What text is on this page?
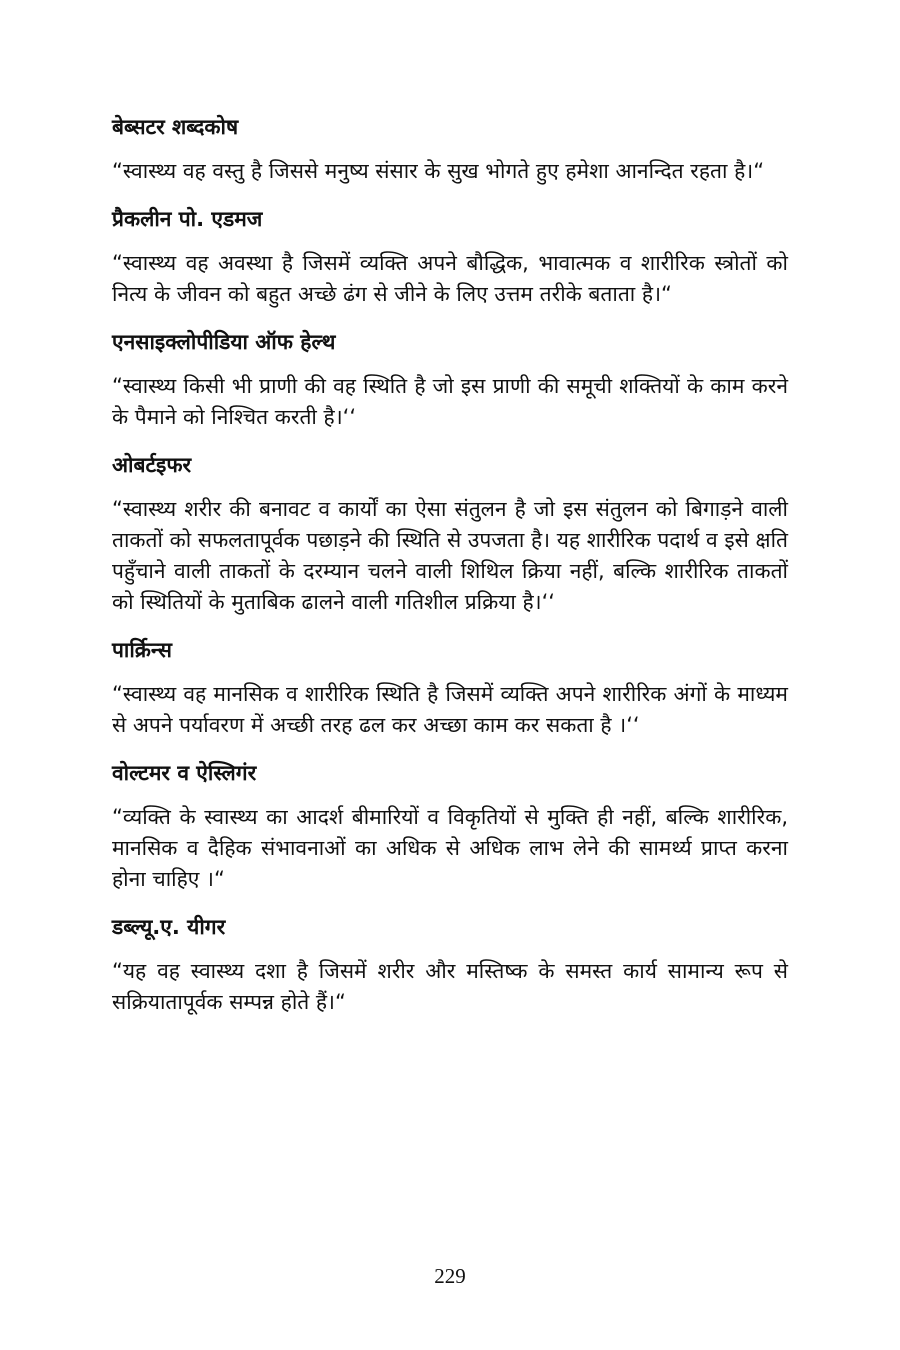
बेब्सटर शब्दकोष

“स्वास्थ्य वह वस्तु है जिससे मनुष्य संसार के सुख भोगते हुए हमेशा आनन्दित रहता है।“

प्रैकलीन पो. एडमज

“स्वास्थ्य वह अवस्था है जिसमें व्यक्ति अपने बौद्धिक, भावात्मक व शारीरिक स्त्रोतों को नित्य के जीवन को बहुत अच्छे ढंग से जीने के लिए उत्तम तरीके बताता है।“

एनसाइक्लोपीडिया ऑफ हेल्थ

“स्वास्थ्य किसी भी प्राणी की वह स्थिति है जो इस प्राणी की समूची शक्तियों के काम करने के पैमाने को निश्चित करती है।‘‘

ओबर्टइफर

“स्वास्थ्य शरीर की बनावट व कार्यों का ऐसा संतुलन है जो इस संतुलन को बिगाड़ने वाली ताकतों को सफलतापूर्वक पछाड़ने की स्थिति से उपजता है। यह शारीरिक पदार्थ व इसे क्षति पहुँचाने वाली ताकतों के दरम्यान चलने वाली शिथिल क्रिया नहीं, बल्कि शारीरिक ताकतों को स्थितियों के मुताबिक ढालने वाली गतिशील प्रक्रिया है।‘‘

पार्क्रिन्स

“स्वास्थ्य वह मानसिक व शारीरिक स्थिति है जिसमें व्यक्ति अपने शारीरिक अंगों के माध्यम से अपने पर्यावरण में अच्छी तरह ढल कर अच्छा काम कर सकता है ।‘‘

वोल्टमर व ऐस्लिगंर

“व्यक्ति के स्वास्थ्य का आदर्श बीमारियों व विकृतियों से मुक्ति ही नहीं, बल्कि शारीरिक, मानसिक व दैहिक संभावनाओं का अधिक से अधिक लाभ लेने की सामर्थ्य प्राप्त करना होना चाहिए ।“

डब्ल्यू.ए. यीगर

“यह वह स्वास्थ्य दशा है जिसमें शरीर और मस्तिष्क के समस्त कार्य सामान्य रूप से सक्रियातापूर्वक सम्पन्न होते हैं।“

229
